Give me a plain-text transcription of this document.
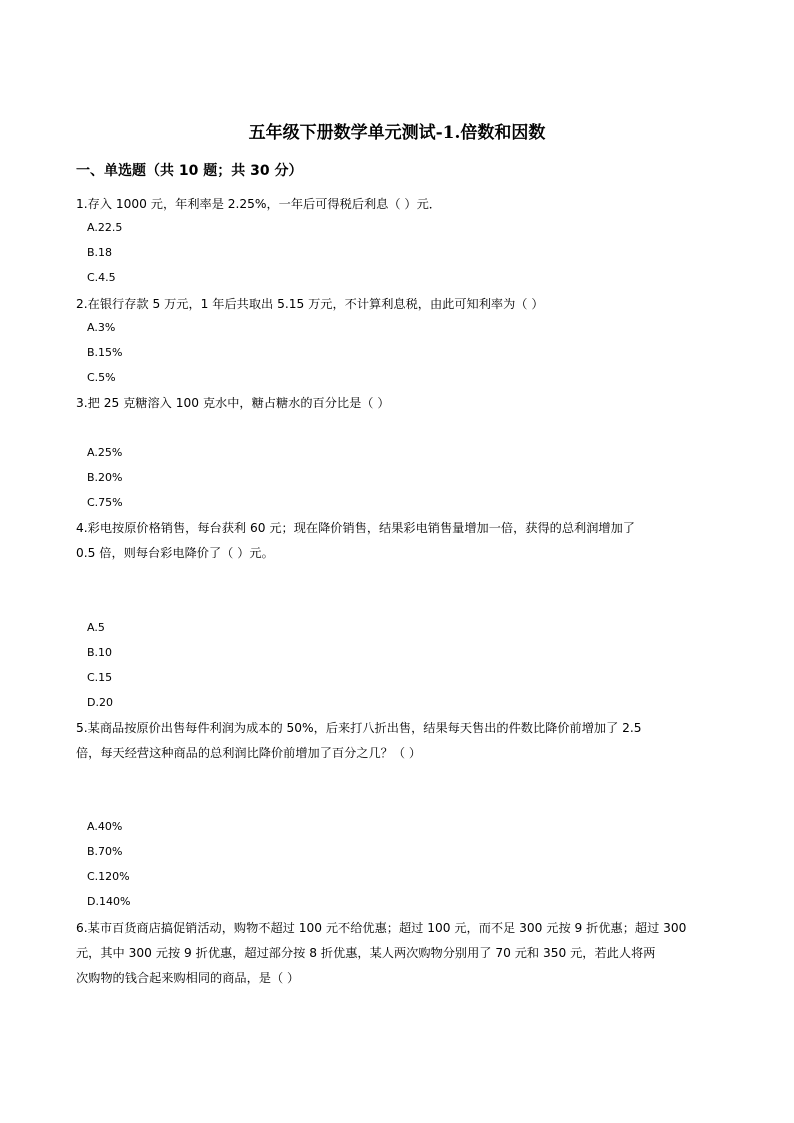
五年级下册数学单元测试-1.倍数和因数
一、单选题（共 10 题；共 30 分）
1.存入 1000 元，年利率是 2.25%，一年后可得税后利息（ ）元．
A.22.5
B.18
C.4.5
2.在银行存款 5 万元，1 年后共取出 5.15 万元，不计算利息税，由此可知利率为（ ）
A.3%
B.15%
C.5%
3.把 25 克糖溶入 100 克水中，糖占糖水的百分比是（ ）
A.25%
B.20%
C.75%
4.彩电按原价格销售，每台获利 60 元；现在降价销售，结果彩电销售量增加一倍，获得的总利润增加了
0.5 倍，则每台彩电降价了（ ）元。
A.5
B.10
C.15
D.20
5.某商品按原价出售每件利润为成本的 50%，后来打八折出售，结果每天售出的件数比降价前增加了 2.5
倍，每天经营这种商品的总利润比降价前增加了百分之几？（ ）
A.40%
B.70%
C.120%
D.140%
6.某市百货商店搞促销活动，购物不超过 100 元不给优惠；超过 100 元，而不足 300 元按 9 折优惠；超过 300
元，其中 300 元按 9 折优惠，超过部分按 8 折优惠，某人两次购物分别用了 70 元和 350 元，若此人将两
次购物的钱合起来购相同的商品，是（ ）
